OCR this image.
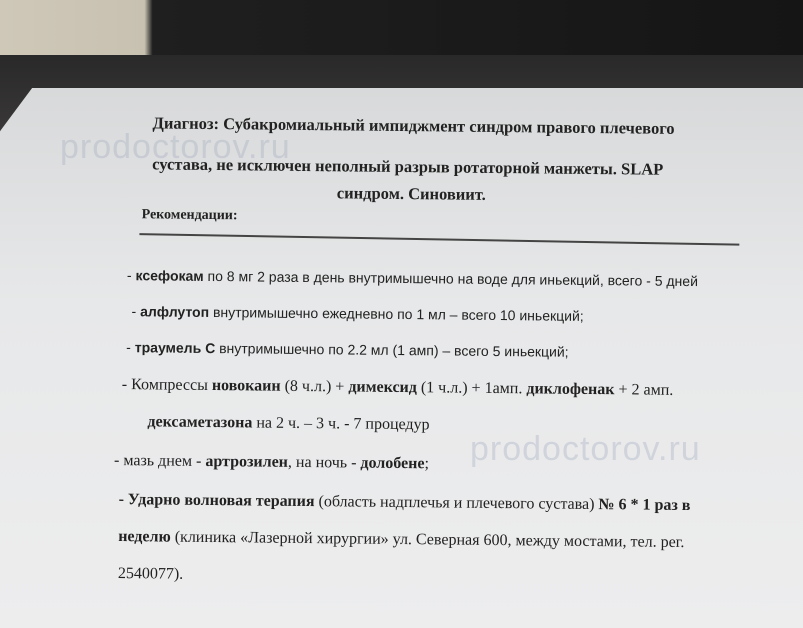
Диагноз: Субакромиальный импиджмент синдром правого плечевого
сустава, не исключен неполный разрыв ротаторной манжеты. SLAP
синдром. Синовиит.
Рекомендации:
- ксефокам по 8 мг 2 раза в день внутримышечно на воде для иньекций, всего - 5 дней
- алфлутоп внутримышечно ежедневно по 1 мл – всего 10 иньекций;
- траумель С внутримышечно по 2.2 мл (1 амп) – всего 5 иньекций;
- Компрессы новокаин (8 ч.л.) + димексид (1 ч.л.) + 1амп. диклофенак + 2 амп.
дексаметазона на 2 ч. – 3 ч. - 7 процедур
- мазь днем - артрозилен, на ночь - долобене;
- Ударно волновая терапия (область надплечья и плечевого сустава) № 6 * 1 раз в
неделю (клиника «Лазерной хирургии» ул. Северная 600, между мостами, тел. рег.
2540077).
prodoctorov.ru
prodoctorov.ru
